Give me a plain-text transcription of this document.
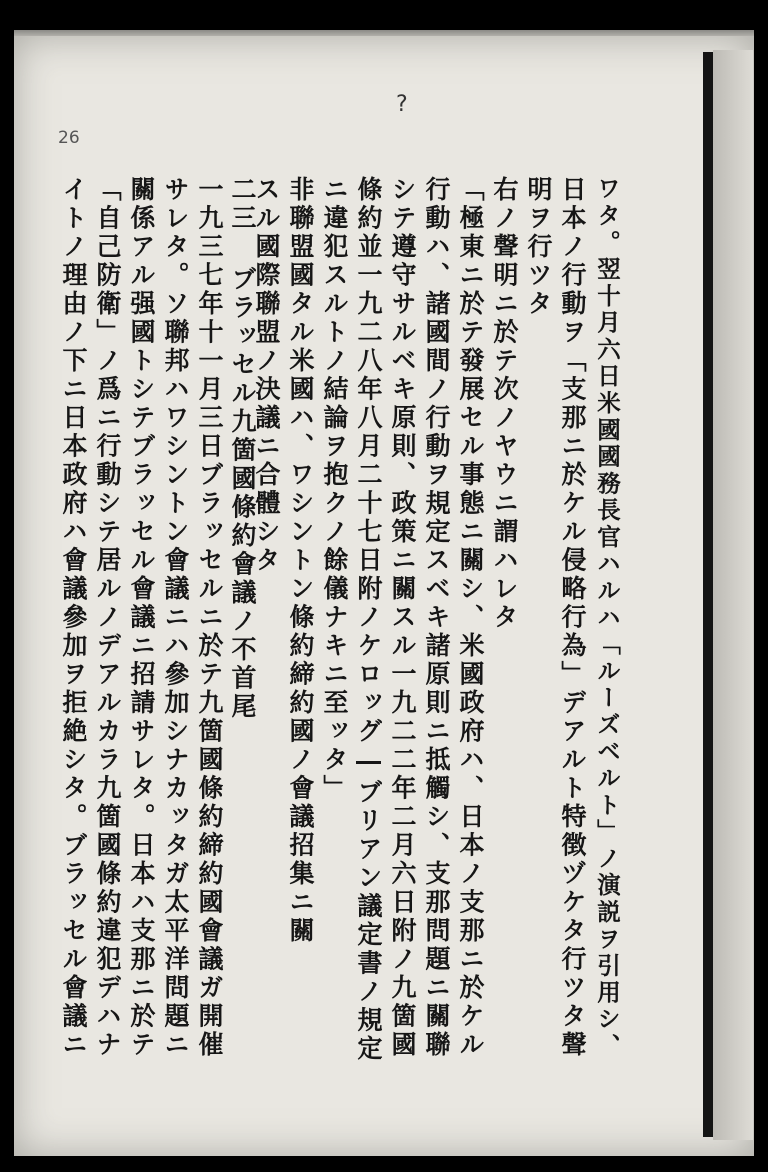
26
?
ワタ。翌十月六日米國國務長官ハルハ「ルーズベルト」ノ演説ヲ引用シ、
日本ノ行動ヲ「支那ニ於ケル侵略行為」デアルト特徴ヅケタ行ツタ聲
明ヲ行ツタ
右ノ聲明ニ於テ次ノヤウニ謂ハレタ
「極東ニ於テ發展セル事態ニ關シ、米國政府ハ、日本ノ支那ニ於ケル
行動ハ、諸國間ノ行動ヲ規定スベキ諸原則ニ抵觸シ、支那問題ニ關聯
シテ遵守サルベキ原則、政策ニ關スル一九二二年二月六日附ノ九箇國
條約並一九二八年八月二十七日附ノケロッグ―ブリアン議定書ノ規定
ニ違犯スルトノ結論ヲ抱クノ餘儀ナキニ至ッタ」
非聯盟國タル米國ハ、ワシントン條約締約國ノ會議招集ニ關
スル國際聯盟ノ決議ニ合體シタ
二三 ブラッセル九箇國條約會議ノ不首尾
一九三七年十一月三日ブラッセルニ於テ九箇國條約締約國會議ガ開催
サレタ。ソ聯邦ハワシントン會議ニハ參加シナカッタガ太平洋問題ニ
關係アル强國トシテブラッセル會議ニ招請サレタ。日本ハ支那ニ於テ
「自己防衛」ノ爲ニ行動シテ居ルノデアルカラ九箇國條約違犯デハナ
イトノ理由ノ下ニ日本政府ハ會議參加ヲ拒絶シタ。ブラッセル會議ニ
